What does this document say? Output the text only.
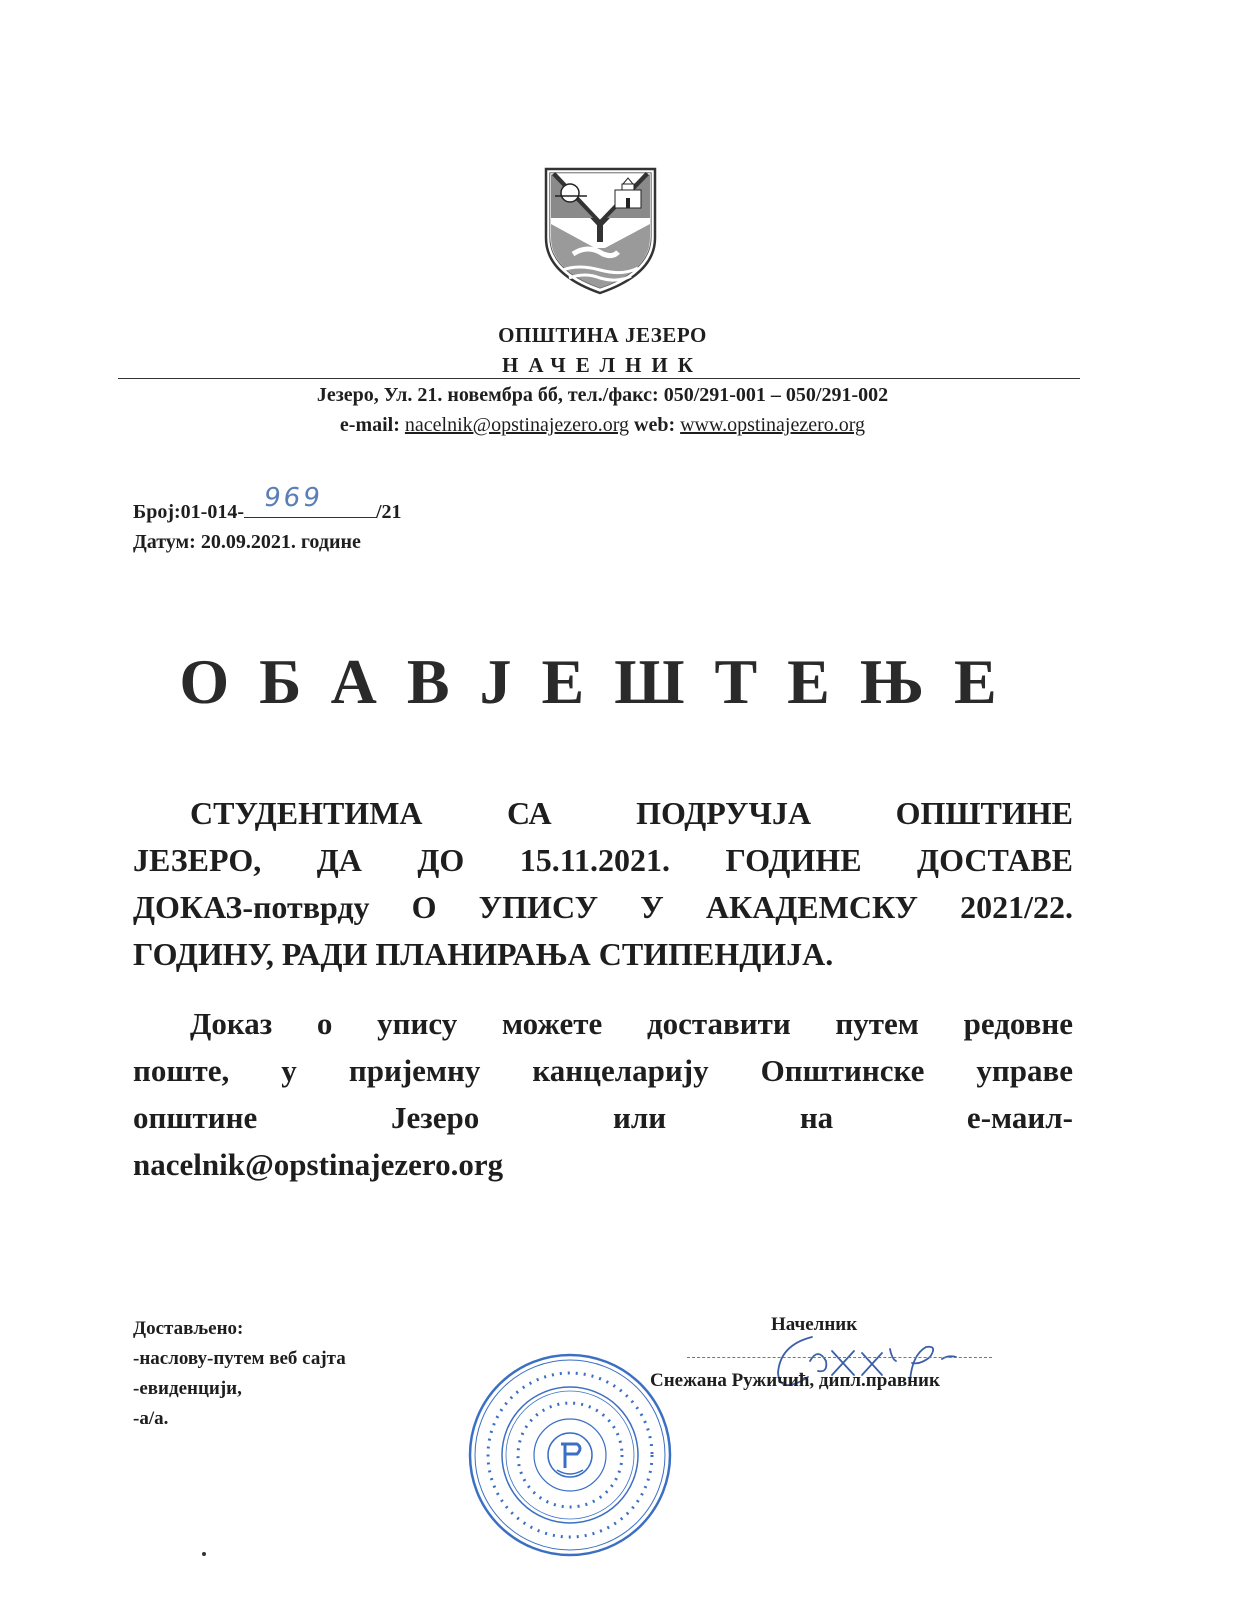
ОПШТИНА ЈЕЗЕРО
НАЧЕЛНИК
Језеро, Ул. 21. новембра бб, тел./факс: 050/291-001 – 050/291-002
e-mail: nacelnik@opstinajezero.org web: www.opstinajezero.org
Број:01-014- 969	/21
Датум: 20.09.2021. године
ОБАВЈЕШТЕЊЕ
СТУДЕНТИМА СА ПОДРУЧЈА ОПШТИНЕ
ЈЕЗЕРО, ДА ДО 15.11.2021. ГОДИНЕ ДОСТАВЕ
ДОКАЗ-потврду О УПИСУ У АКАДЕМСКУ 2021/22.
ГОДИНУ, РАДИ ПЛАНИРАЊА СТИПЕНДИЈА.
Доказ о упису можете доставити путем редовне
поште, у пријемну канцеларију Општинске управе
општине Језеро или на е-маил-
nacelnik@opstinajezero.org
Достављено:
-наслову-путем веб сајта
-евиденцији,
-а/а.
Начелник
Снежана Ружичић, дипл.правник
